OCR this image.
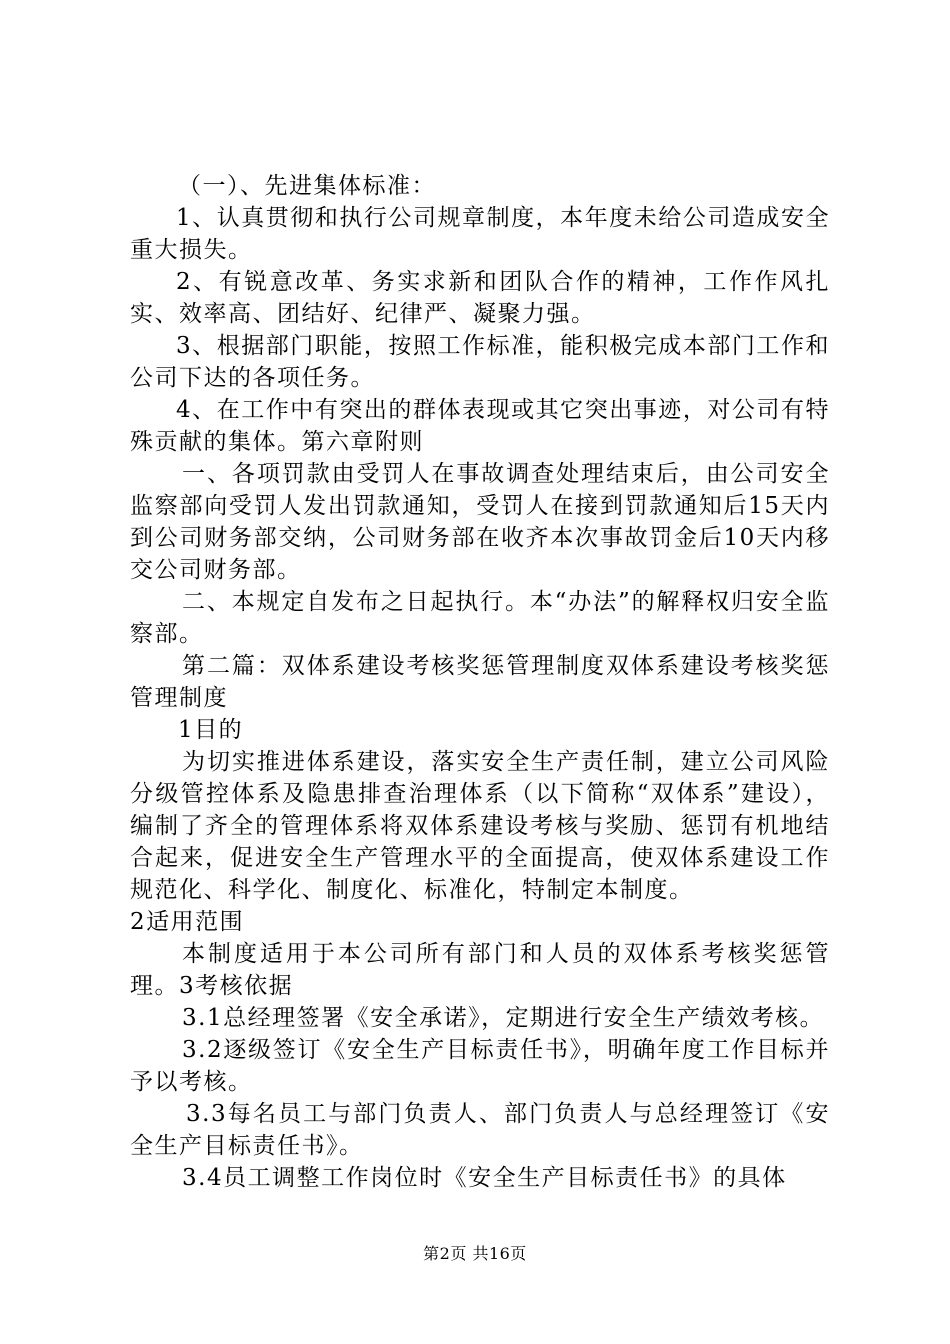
（一）、先进集体标准：

1、认真贯彻和执行公司规章制度，本年度未给公司造成安全重大损失。

2、有锐意改革、务实求新和团队合作的精神，工作作风扎实、效率高、团结好、纪律严、凝聚力强。

3、根据部门职能，按照工作标准，能积极完成本部门工作和公司下达的各项任务。

4、在工作中有突出的群体表现或其它突出事迹，对公司有特殊贡献的集体。第六章附则

一、各项罚款由受罚人在事故调查处理结束后，由公司安全监察部向受罚人发出罚款通知，受罚人在接到罚款通知后15天内到公司财务部交纳，公司财务部在收齐本次事故罚金后10天内移交公司财务部。

二、本规定自发布之日起执行。本“办法”的解释权归安全监察部。

第二篇：双体系建设考核奖惩管理制度双体系建设考核奖惩管理制度

1目的

为切实推进体系建设，落实安全生产责任制，建立公司风险分级管控体系及隐患排查治理体系（以下简称“双体系”建设），编制了齐全的管理体系将双体系建设考核与奖励、惩罚有机地结合起来，促进安全生产管理水平的全面提高，使双体系建设工作规范化、科学化、制度化、标准化，特制定本制度。

2适用范围

本制度适用于本公司所有部门和人员的双体系考核奖惩管理。3考核依据

3.1总经理签署《安全承诺》，定期进行安全生产绩效考核。

3.2逐级签订《安全生产目标责任书》，明确年度工作目标并予以考核。

3.3每名员工与部门负责人、部门负责人与总经理签订《安全生产目标责任书》。

3.4员工调整工作岗位时《安全生产目标责任书》的具体

第2页 共16页
